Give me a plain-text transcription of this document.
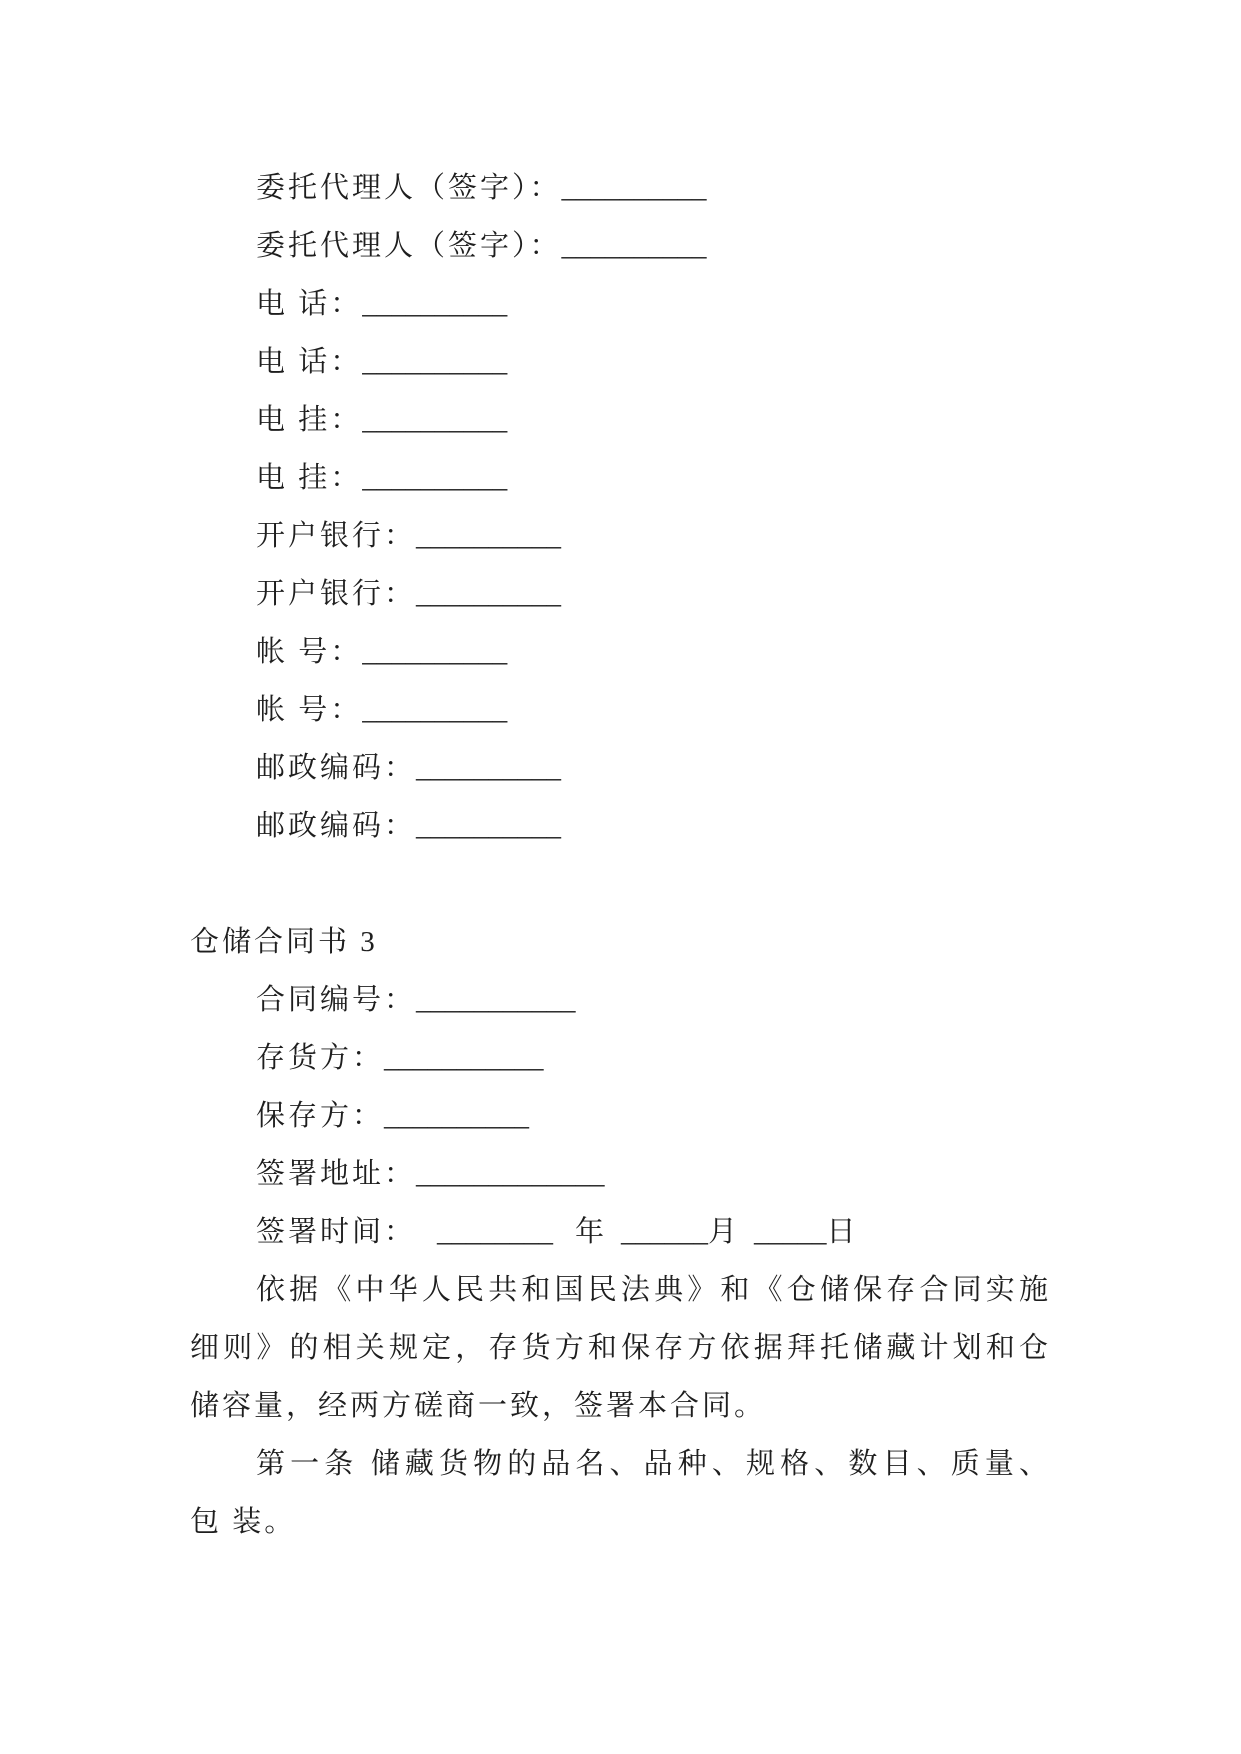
委托代理人（签字）：__________
委托代理人（签字）：__________
电 话：__________
电 话：__________
电 挂：__________
电 挂：__________
开户银行：__________
开户银行：__________
帐 号：__________
帐 号：__________
邮政编码：__________
邮政编码：__________
仓储合同书 3
合同编号：___________
存货方：___________
保存方：__________
签署地址：_____________
签署时间： ________ 年 ______月 _____日
依据《中华人民共和国民法典》和《仓储保存合同实施
细则》的相关规定，存货方和保存方依据拜托储藏计划和仓
储容量，经两方磋商一致，签署本合同。
第一条 储藏货物的品名、品种、规格、数目、质量、
包 装。
